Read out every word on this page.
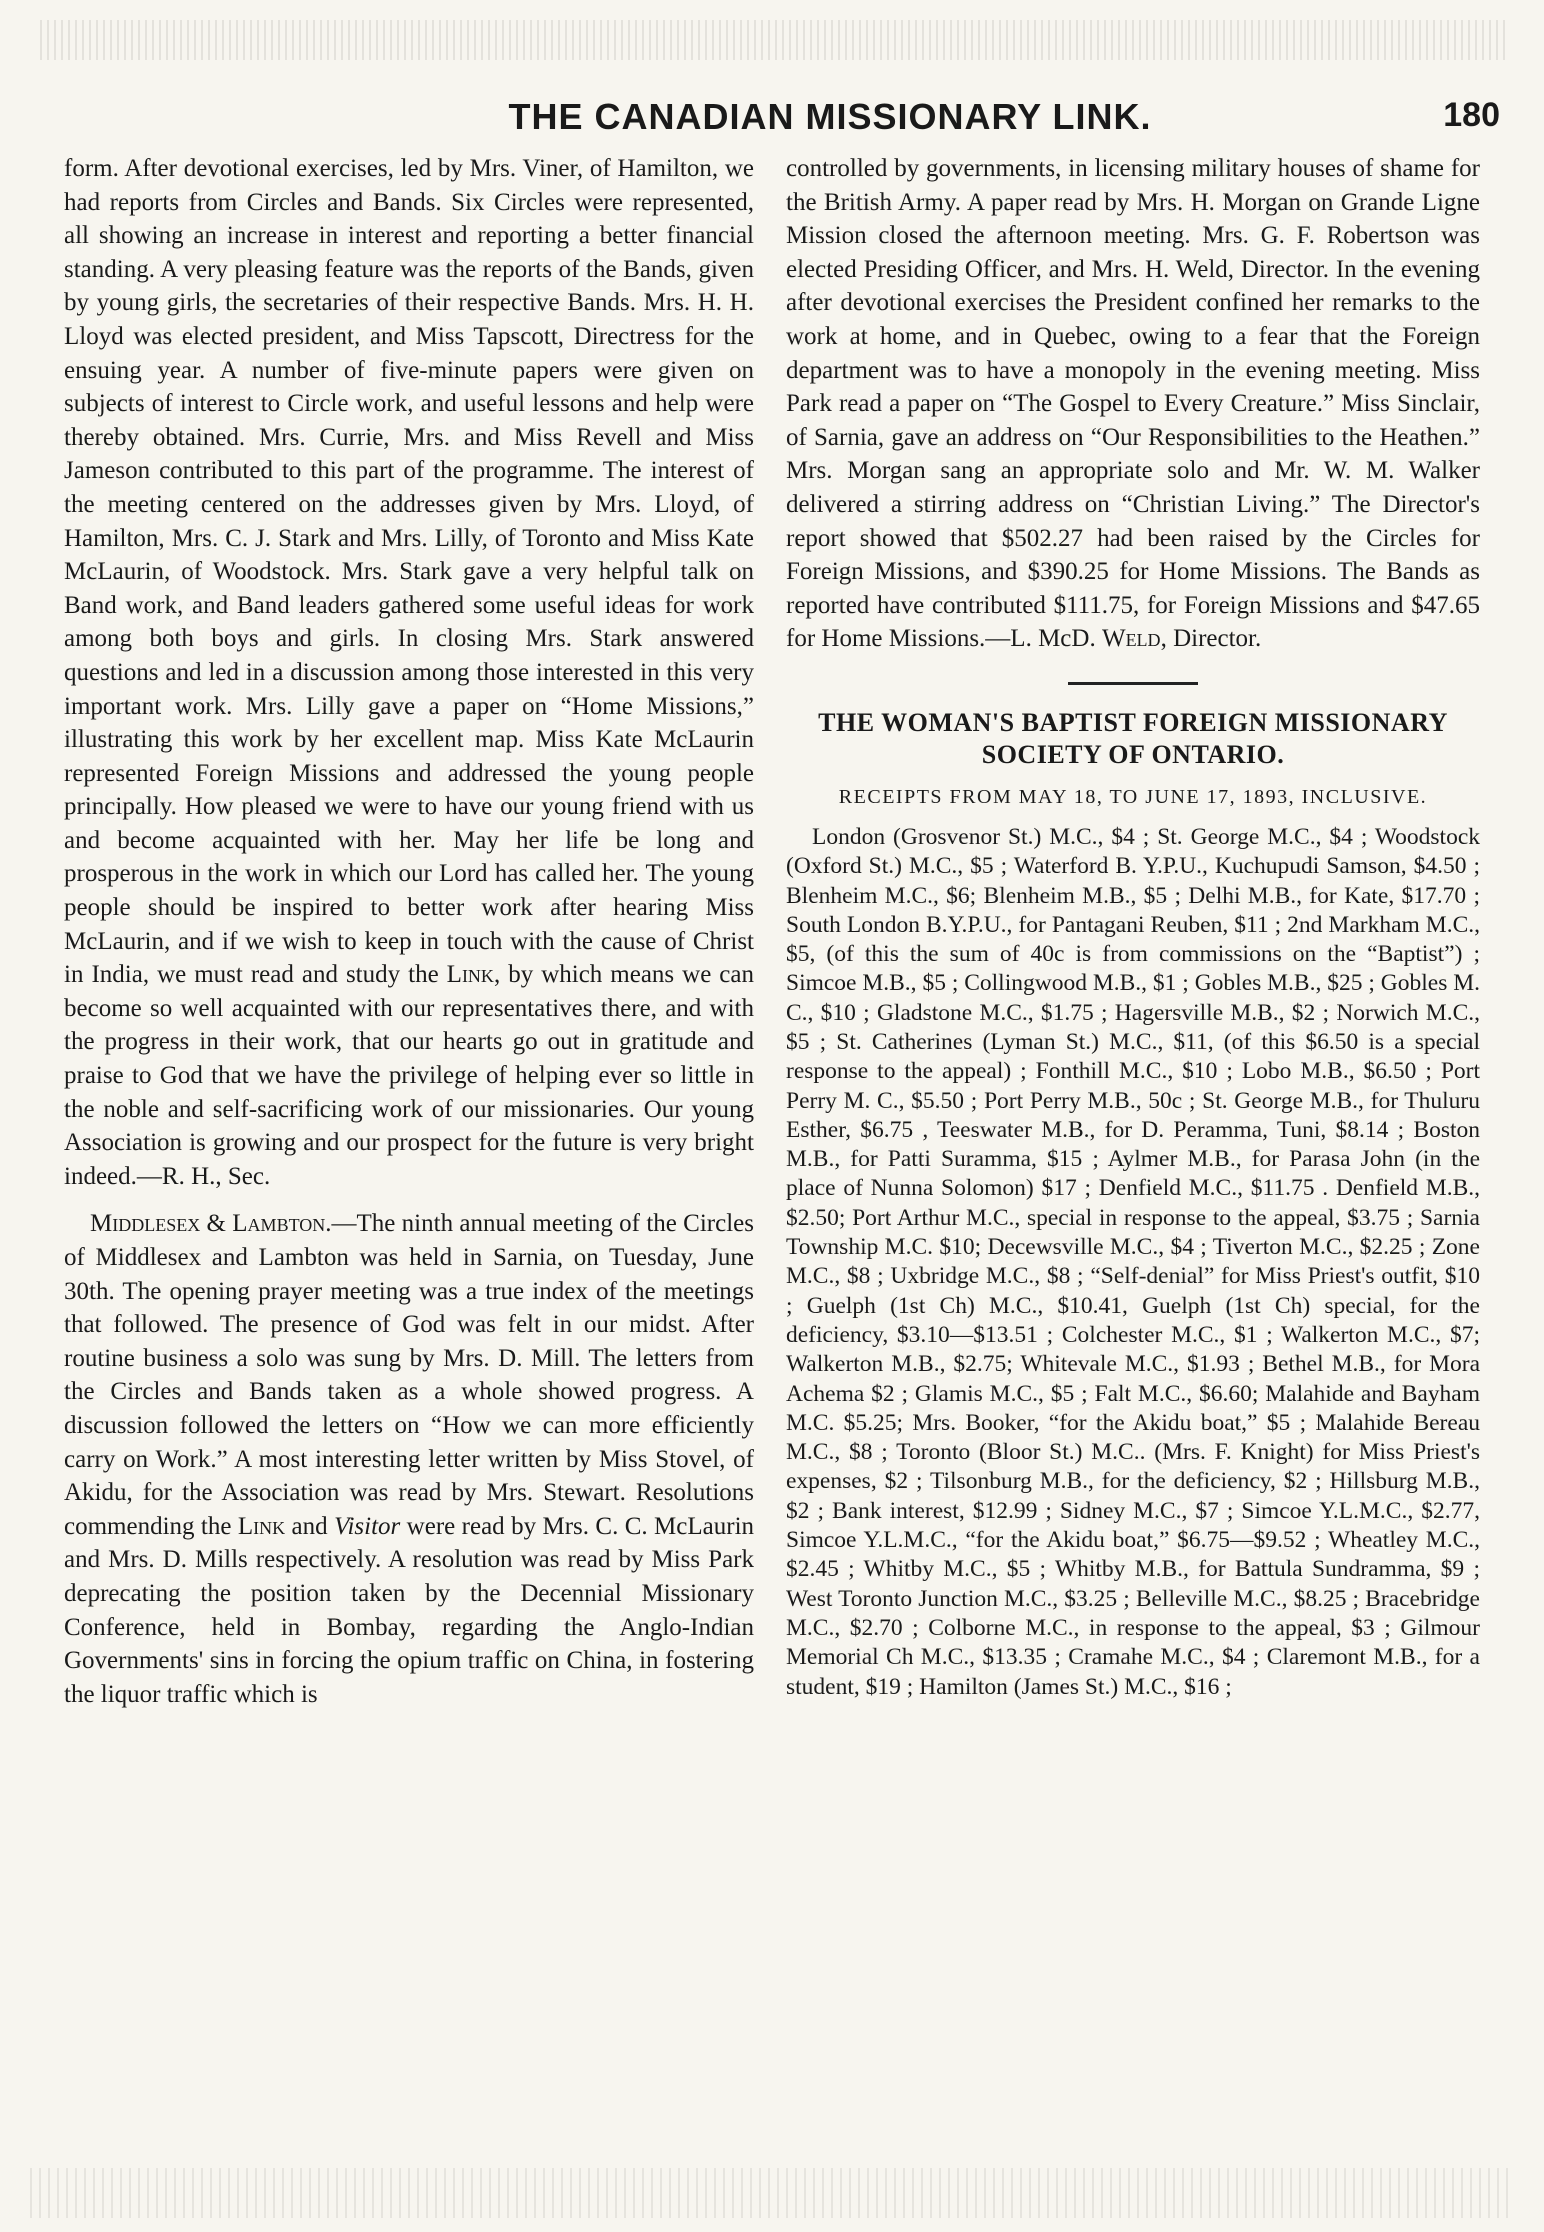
THE CANADIAN MISSIONARY LINK.	180

form. After devotional exercises, led by Mrs. Viner, of Hamilton, we had reports from Circles and Bands. Six Circles were represented, all showing an increase in interest and reporting a better financial standing. A very pleasing feature was the reports of the Bands, given by young girls, the secretaries of their respective Bands. Mrs. H. H. Lloyd was elected president, and Miss Tapscott, Directress for the ensuing year. A number of five-minute papers were given on subjects of interest to Circle work, and useful lessons and help were thereby obtained. Mrs. Currie, Mrs. and Miss Revell and Miss Jameson contributed to this part of the programme. The interest of the meeting centered on the addresses given by Mrs. Lloyd, of Hamilton, Mrs. C. J. Stark and Mrs. Lilly, of Toronto and Miss Kate McLaurin, of Woodstock. Mrs. Stark gave a very helpful talk on Band work, and Band leaders gathered some useful ideas for work among both boys and girls. In closing Mrs. Stark answered questions and led in a discussion among those interested in this very important work. Mrs. Lilly gave a paper on “Home Missions,” illustrating this work by her excellent map. Miss Kate McLaurin represented Foreign Missions and addressed the young people principally. How pleased we were to have our young friend with us and become acquainted with her. May her life be long and prosperous in the work in which our Lord has called her. The young people should be inspired to better work after hearing Miss McLaurin, and if we wish to keep in touch with the cause of Christ in India, we must read and study the Link, by which means we can become so well acquainted with our representatives there, and with the progress in their work, that our hearts go out in gratitude and praise to God that we have the privilege of helping ever so little in the noble and self-sacrificing work of our missionaries. Our young Association is growing and our prospect for the future is very bright indeed.—R. H., Sec.

Middlesex & Lambton.—The ninth annual meeting of the Circles of Middlesex and Lambton was held in Sarnia, on Tuesday, June 30th. The opening prayer meeting was a true index of the meetings that followed. The presence of God was felt in our midst. After routine business a solo was sung by Mrs. D. Mill. The letters from the Circles and Bands taken as a whole showed progress. A discussion followed the letters on “How we can more efficiently carry on Work.” A most interesting letter written by Miss Stovel, of Akidu, for the Association was read by Mrs. Stewart. Resolutions commending the Link and Visitor were read by Mrs. C. C. McLaurin and Mrs. D. Mills respectively. A resolution was read by Miss Park deprecating the position taken by the Decennial Missionary Conference, held in Bombay, regarding the Anglo-Indian Governments' sins in forcing the opium traffic on China, in fostering the liquor traffic which is

controlled by governments, in licensing military houses of shame for the British Army. A paper read by Mrs. H. Morgan on Grande Ligne Mission closed the afternoon meeting. Mrs. G. F. Robertson was elected Presiding Officer, and Mrs. H. Weld, Director. In the evening after devotional exercises the President confined her remarks to the work at home, and in Quebec, owing to a fear that the Foreign department was to have a monopoly in the evening meeting. Miss Park read a paper on “The Gospel to Every Creature.” Miss Sinclair, of Sarnia, gave an address on “Our Responsibilities to the Heathen.” Mrs. Morgan sang an appropriate solo and Mr. W. M. Walker delivered a stirring address on “Christian Living.” The Director's report showed that $502.27 had been raised by the Circles for Foreign Missions, and $390.25 for Home Missions. The Bands as reported have contributed $111.75, for Foreign Missions and $47.65 for Home Missions.—L. McD. Weld, Director.

THE WOMAN'S BAPTIST FOREIGN MISSIONARY SOCIETY OF ONTARIO.
RECEIPTS FROM MAY 18, TO JUNE 17, 1893, INCLUSIVE.

London (Grosvenor St.) M.C., $4 ; St. George M.C., $4 ; Woodstock (Oxford St.) M.C., $5 ; Waterford B. Y.P.U., Kuchupudi Samson, $4.50 ; Blenheim M.C., $6; Blenheim M.B., $5 ; Delhi M.B., for Kate, $17.70 ; South London B.Y.P.U., for Pantagani Reuben, $11 ; 2nd Markham M.C., $5, (of this the sum of 40c is from commissions on the “Baptist”) ; Simcoe M.B., $5 ; Collingwood M.B., $1 ; Gobles M.B., $25 ; Gobles M. C., $10 ; Gladstone M.C., $1.75 ; Hagersville M.B., $2 ; Norwich M.C., $5 ; St. Catherines (Lyman St.) M.C., $11, (of this $6.50 is a special response to the appeal) ; Fonthill M.C., $10 ; Lobo M.B., $6.50 ; Port Perry M. C., $5.50 ; Port Perry M.B., 50c ; St. George M.B., for Thuluru Esther, $6.75 , Teeswater M.B., for D. Peramma, Tuni, $8.14 ; Boston M.B., for Patti Suramma, $15 ; Aylmer M.B., for Parasa John (in the place of Nunna Solomon) $17 ; Denfield M.C., $11.75 . Denfield M.B., $2.50; Port Arthur M.C., special in response to the appeal, $3.75 ; Sarnia Township M.C. $10; Decewsville M.C., $4 ; Tiverton M.C., $2.25 ; Zone M.C., $8 ; Uxbridge M.C., $8 ; “Self-denial” for Miss Priest's outfit, $10 ; Guelph (1st Ch) M.C., $10.41, Guelph (1st Ch) special, for the deficiency, $3.10—$13.51 ; Colchester M.C., $1 ; Walkerton M.C., $7; Walkerton M.B., $2.75; Whitevale M.C., $1.93 ; Bethel M.B., for Mora Achema $2 ; Glamis M.C., $5 ; Falt M.C., $6.60; Malahide and Bayham M.C. $5.25; Mrs. Booker, “for the Akidu boat,” $5 ; Malahide Bereau M.C., $8 ; Toronto (Bloor St.) M.C.. (Mrs. F. Knight) for Miss Priest's expenses, $2 ; Tilsonburg M.B., for the deficiency, $2 ; Hillsburg M.B., $2 ; Bank interest, $12.99 ; Sidney M.C., $7 ; Simcoe Y.L.M.C., $2.77, Simcoe Y.L.M.C., “for the Akidu boat,” $6.75—$9.52 ; Wheatley M.C., $2.45 ; Whitby M.C., $5 ; Whitby M.B., for Battula Sundramma, $9 ; West Toronto Junction M.C., $3.25 ; Belleville M.C., $8.25 ; Bracebridge M.C., $2.70 ; Colborne M.C., in response to the appeal, $3 ; Gilmour Memorial Ch M.C., $13.35 ; Cramahe M.C., $4 ; Claremont M.B., for a student, $19 ; Hamilton (James St.) M.C., $16 ;
